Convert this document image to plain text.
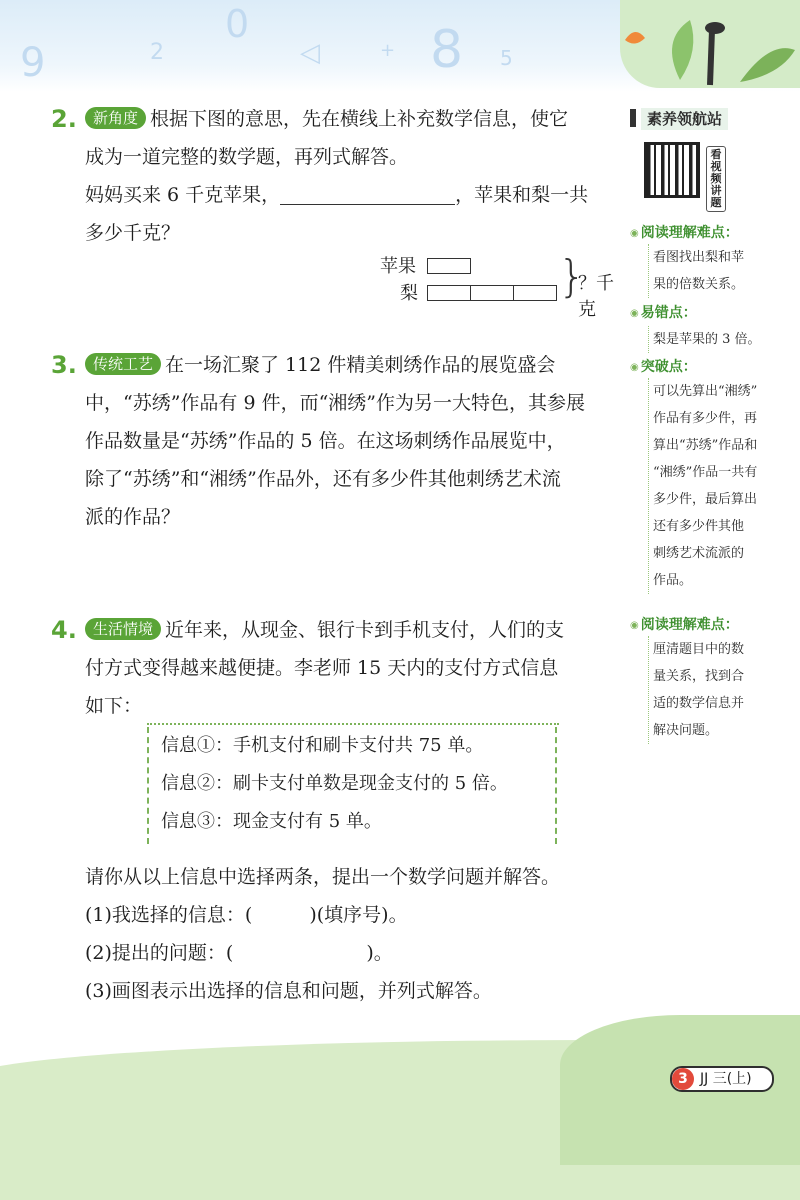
9	2
0
◁	+ 8 5
2.	新角度 根据下图的意思，先在横线上补充数学信息，使它
成为一道完整的数学题，再列式解答。
妈妈买来 6 千克苹果，	，苹果和梨一共
多少千克？
苹果
梨	}
？千克
3.	传统工艺 在一场汇聚了 112 件精美刺绣作品的展览盛会
中，“苏绣”作品有 9 件，而“湘绣”作为另一大特色，其参展
作品数量是“苏绣”作品的 5 倍。在这场刺绣作品展览中，
除了“苏绣”和“湘绣”作品外，还有多少件其他刺绣艺术流
派的作品？
4.	生活情境 近年来，从现金、银行卡到手机支付，人们的支
付方式变得越来越便捷。李老师 15 天内的支付方式信息
如下：
信息①：手机支付和刷卡支付共 75 单。
信息②：刷卡支付单数是现金支付的 5 倍。
信息③：现金支付有 5 单。
请你从以上信息中选择两条，提出一个数学问题并解答。
(1)我选择的信息：(　　　)(填序号)。
(2)提出的问题：(　　　　　　　)。
(3)画图表示出选择的信息和问题，并列式解答。
素养领航站
看视频讲题
◉ 阅读理解难点：
看图找出梨和苹
果的倍数关系。
◉ 易错点：
梨是苹果的 3 倍。
◉ 突破点：
可以先算出“湘绣”
作品有多少件，再
算出“苏绣”作品和
“湘绣”作品一共有
多少件，最后算出
还有多少件其他
刺绣艺术流派的
作品。
◉ 阅读理解难点：
厘清题目中的数
量关系，找到合
适的数学信息并
解决问题。
3 JJ 三(上)
